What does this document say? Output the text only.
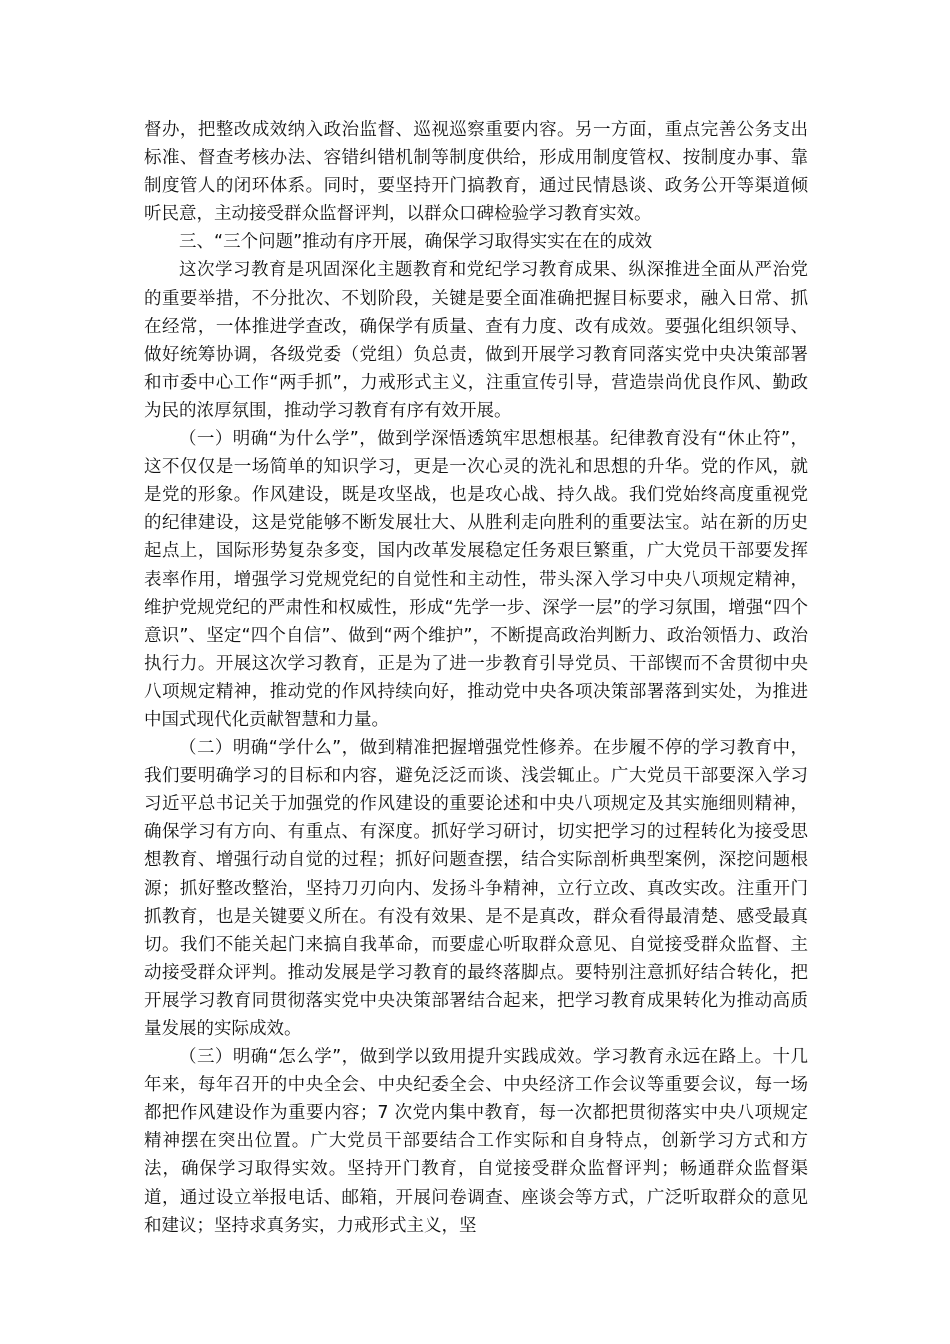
督办，把整改成效纳入政治监督、巡视巡察重要内容。另一方面，重点完善公务支出标准、督查考核办法、容错纠错机制等制度供给，形成用制度管权、按制度办事、靠制度管人的闭环体系。同时，要坚持开门搞教育，通过民情恳谈、政务公开等渠道倾听民意，主动接受群众监督评判，以群众口碑检验学习教育实效。

三、“三个问题”推动有序开展，确保学习取得实实在在的成效

这次学习教育是巩固深化主题教育和党纪学习教育成果、纵深推进全面从严治党的重要举措，不分批次、不划阶段，关键是要全面准确把握目标要求，融入日常、抓在经常，一体推进学查改，确保学有质量、查有力度、改有成效。要强化组织领导、做好统筹协调，各级党委（党组）负总责，做到开展学习教育同落实党中央决策部署和市委中心工作“两手抓”，力戒形式主义，注重宣传引导，营造崇尚优良作风、勤政为民的浓厚氛围，推动学习教育有序有效开展。

（一）明确“为什么学”，做到学深悟透筑牢思想根基。纪律教育没有“休止符”，这不仅仅是一场简单的知识学习，更是一次心灵的洗礼和思想的升华。党的作风，就是党的形象。作风建设，既是攻坚战，也是攻心战、持久战。我们党始终高度重视党的纪律建设，这是党能够不断发展壮大、从胜利走向胜利的重要法宝。站在新的历史起点上，国际形势复杂多变，国内改革发展稳定任务艰巨繁重，广大党员干部要发挥表率作用，增强学习党规党纪的自觉性和主动性，带头深入学习中央八项规定精神，维护党规党纪的严肃性和权威性，形成“先学一步、深学一层”的学习氛围，增强“四个意识”、坚定“四个自信”、做到“两个维护”，不断提高政治判断力、政治领悟力、政治执行力。开展这次学习教育，正是为了进一步教育引导党员、干部锲而不舍贯彻中央八项规定精神，推动党的作风持续向好，推动党中央各项决策部署落到实处，为推进中国式现代化贡献智慧和力量。

（二）明确“学什么”，做到精准把握增强党性修养。在步履不停的学习教育中，我们要明确学习的目标和内容，避免泛泛而谈、浅尝辄止。广大党员干部要深入学习习近平总书记关于加强党的作风建设的重要论述和中央八项规定及其实施细则精神，确保学习有方向、有重点、有深度。抓好学习研讨，切实把学习的过程转化为接受思想教育、增强行动自觉的过程；抓好问题查摆，结合实际剖析典型案例，深挖问题根源；抓好整改整治，坚持刀刃向内、发扬斗争精神，立行立改、真改实改。注重开门抓教育，也是关键要义所在。有没有效果、是不是真改，群众看得最清楚、感受最真切。我们不能关起门来搞自我革命，而要虚心听取群众意见、自觉接受群众监督、主动接受群众评判。推动发展是学习教育的最终落脚点。要特别注意抓好结合转化，把开展学习教育同贯彻落实党中央决策部署结合起来，把学习教育成果转化为推动高质量发展的实际成效。

（三）明确“怎么学”，做到学以致用提升实践成效。学习教育永远在路上。十几年来，每年召开的中央全会、中央纪委全会、中央经济工作会议等重要会议，每一场都把作风建设作为重要内容；7 次党内集中教育，每一次都把贯彻落实中央八项规定精神摆在突出位置。广大党员干部要结合工作实际和自身特点，创新学习方式和方法，确保学习取得实效。坚持开门教育，自觉接受群众监督评判；畅通群众监督渠道，通过设立举报电话、邮箱，开展问卷调查、座谈会等方式，广泛听取群众的意见和建议；坚持求真务实，力戒形式主义，坚
